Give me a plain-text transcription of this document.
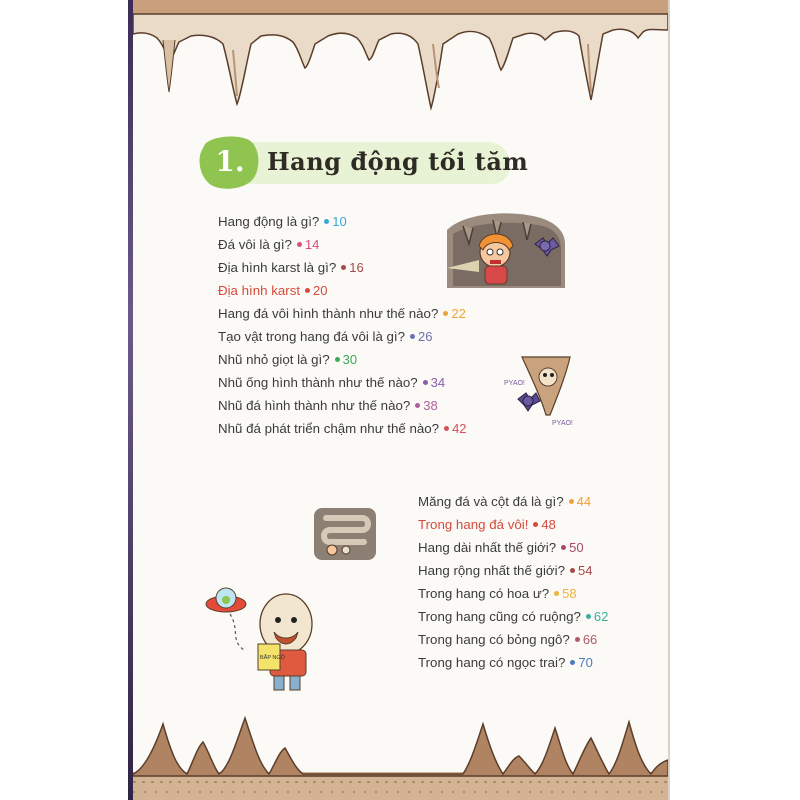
1. Hang động tối tăm
Hang động là gì? 10
Đá vôi là gì? 14
Địa hình karst là gì? 16
Địa hình karst 20
Hang đá vôi hình thành như thế nào? 22
Tạo vật trong hang đá vôi là gì? 26
Nhũ nhỏ giọt là gì? 30
Nhũ ống hình thành như thế nào? 34
Nhũ đá hình thành như thế nào? 38
Nhũ đá phát triển chậm như thế nào? 42
Măng đá và cột đá là gì? 44
Trong hang đá vôi! 48
Hang dài nhất thế giới? 50
Hang rộng nhất thế giới? 54
Trong hang có hoa ư? 58
Trong hang cũng có ruộng? 62
Trong hang có bỏng ngô? 66
Trong hang có ngọc trai? 70
PYAO!
PYAO!
BẮP NGÔ
